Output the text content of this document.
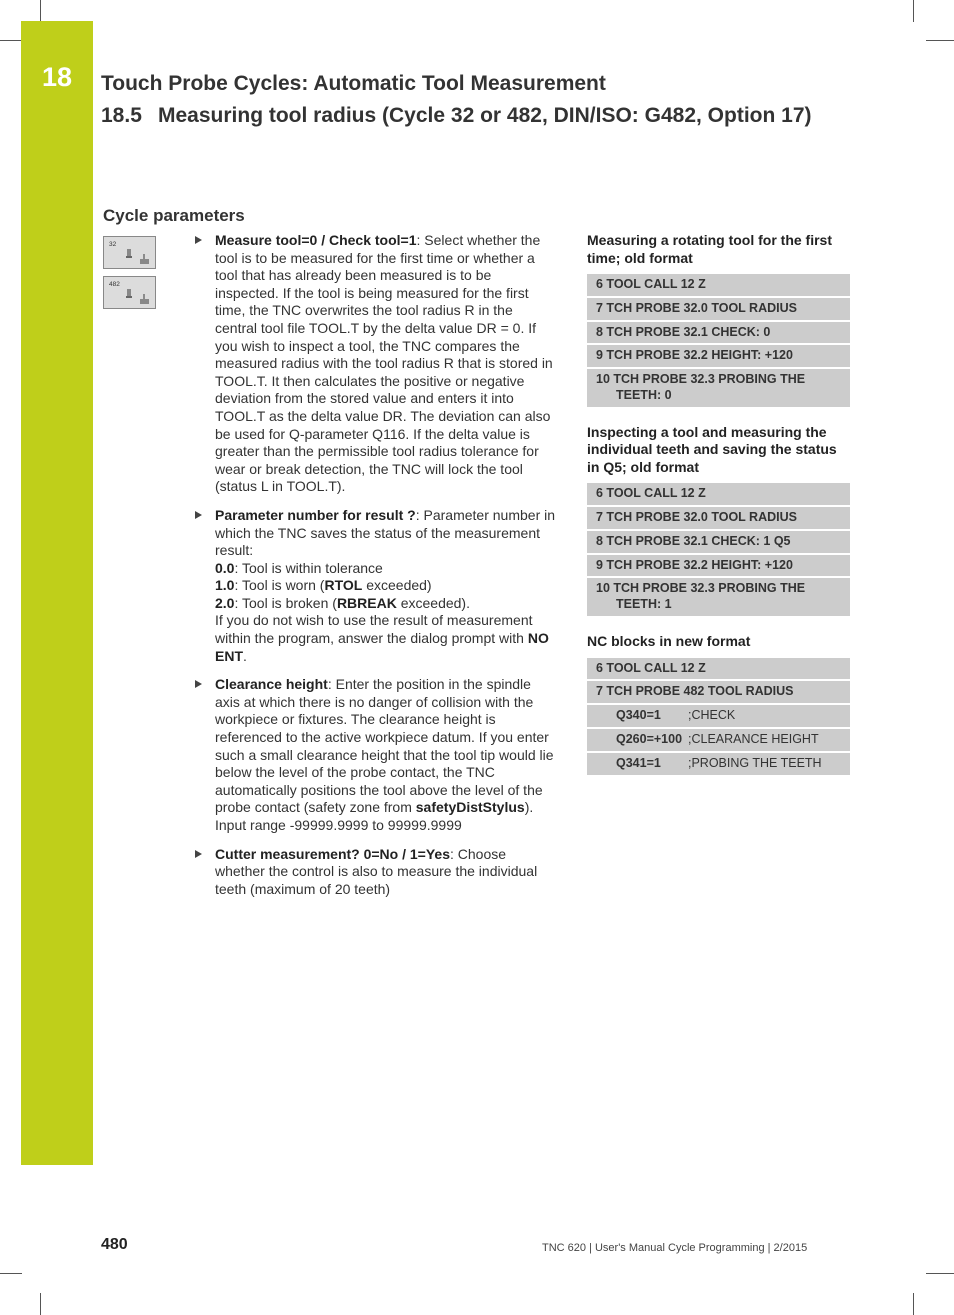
18	Touch Probe Cycles: Automatic Tool Measurement
18.5 Measuring tool radius (Cycle 32 or 482, DIN/ISO: G482, Option 17)
Cycle parameters
32
482
Measure tool=0 / Check tool=1: Select whether the tool is to be measured for the first time or whether a tool that has already been measured is to be inspected. If the tool is being measured for the first time, the TNC overwrites the tool radius R in the central tool file TOOL.T by the delta value DR = 0. If you wish to inspect a tool, the TNC compares the measured radius with the tool radius R that is stored in TOOL.T. It then calculates the positive or negative deviation from the stored value and enters it into TOOL.T as the delta value DR. The deviation can also be used for Q-parameter Q116. If the delta value is greater than the permissible tool radius tolerance for wear or break detection, the TNC will lock the tool (status L in TOOL.T).
Parameter number for result ?: Parameter number in which the TNC saves the status of the measurement result:
0.0: Tool is within tolerance
1.0: Tool is worn (RTOL exceeded)
2.0: Tool is broken (RBREAK exceeded).
If you do not wish to use the result of measurement within the program, answer the dialog prompt with NO ENT.
Clearance height: Enter the position in the spindle axis at which there is no danger of collision with the workpiece or fixtures. The clearance height is referenced to the active workpiece datum. If you enter such a small clearance height that the tool tip would lie below the level of the probe contact, the TNC automatically positions the tool above the level of the probe contact (safety zone from safetyDistStylus). Input range -99999.9999 to 99999.9999
Cutter measurement? 0=No / 1=Yes: Choose whether the control is also to measure the individual teeth (maximum of 20 teeth)
Measuring a rotating tool for the first time; old format
6 TOOL CALL 12 Z
7 TCH PROBE 32.0 TOOL RADIUS
8 TCH PROBE 32.1 CHECK: 0
9 TCH PROBE 32.2 HEIGHT: +120
10 TCH PROBE 32.3 PROBING THE
TEETH: 0
Inspecting a tool and measuring the individual teeth and saving the status in Q5; old format
6 TOOL CALL 12 Z
7 TCH PROBE 32.0 TOOL RADIUS
8 TCH PROBE 32.1 CHECK: 1 Q5
9 TCH PROBE 32.2 HEIGHT: +120
10 TCH PROBE 32.3 PROBING THE
TEETH: 1
NC blocks in new format
6 TOOL CALL 12 Z
7 TCH PROBE 482 TOOL RADIUS
Q340=1 ;CHECK
Q260=+100 ;CLEARANCE HEIGHT
Q341=1 ;PROBING THE TEETH
480	TNC 620 | User's Manual Cycle Programming | 2/2015
